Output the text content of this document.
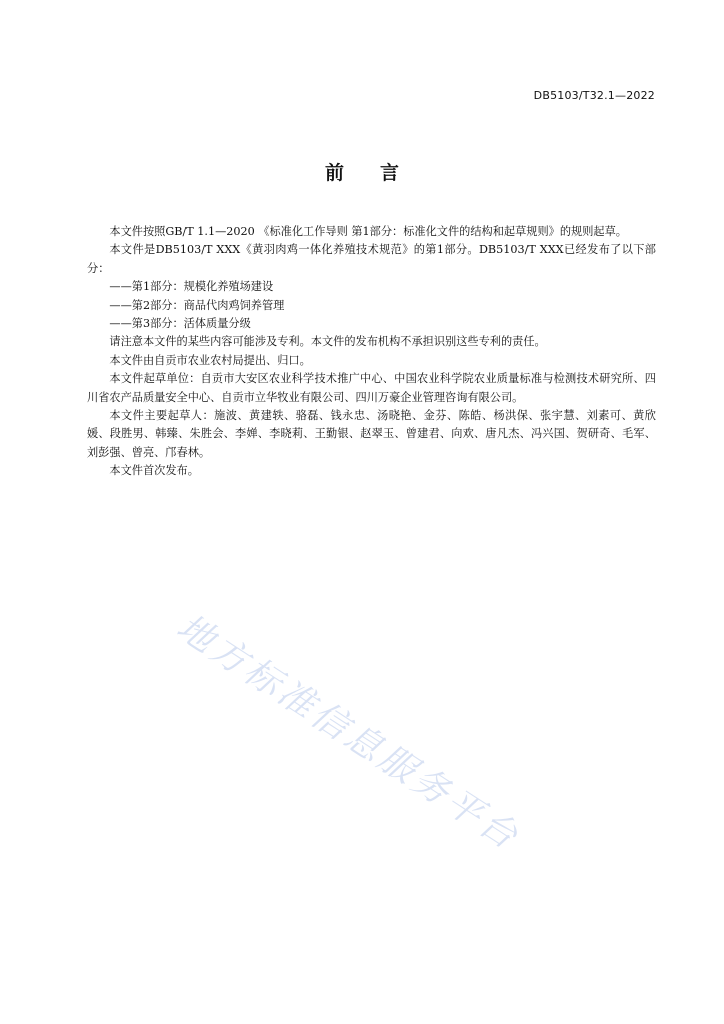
DB5103/T32.1—2022
前言

本文件按照GB/T 1.1—2020 《标准化工作导则 第1部分：标准化文件的结构和起草规则》的规则起草。

本文件是DB5103/T XXX《黄羽肉鸡一体化养殖技术规范》的第1部分。DB5103/T XXX已经发布了以下部分：

——第1部分：规模化养殖场建设

——第2部分：商品代肉鸡饲养管理

——第3部分：活体质量分级

请注意本文件的某些内容可能涉及专利。本文件的发布机构不承担识别这些专利的责任。

本文件由自贡市农业农村局提出、归口。

本文件起草单位：自贡市大安区农业科学技术推广中心、中国农业科学院农业质量标准与检测技术研究所、四川省农产品质量安全中心、自贡市立华牧业有限公司、四川万豪企业管理咨询有限公司。

本文件主要起草人：施波、黄建轶、骆磊、钱永忠、汤晓艳、金芬、陈皓、杨洪保、张宇慧、刘素可、黄欣媛、段胜男、韩臻、朱胜会、李婵、李晓莉、王勤银、赵翠玉、曾建君、向欢、唐凡杰、冯兴国、贺研奇、毛军、刘彭强、曾亮、邝春林。

本文件首次发布。

地方标准信息服务平台
